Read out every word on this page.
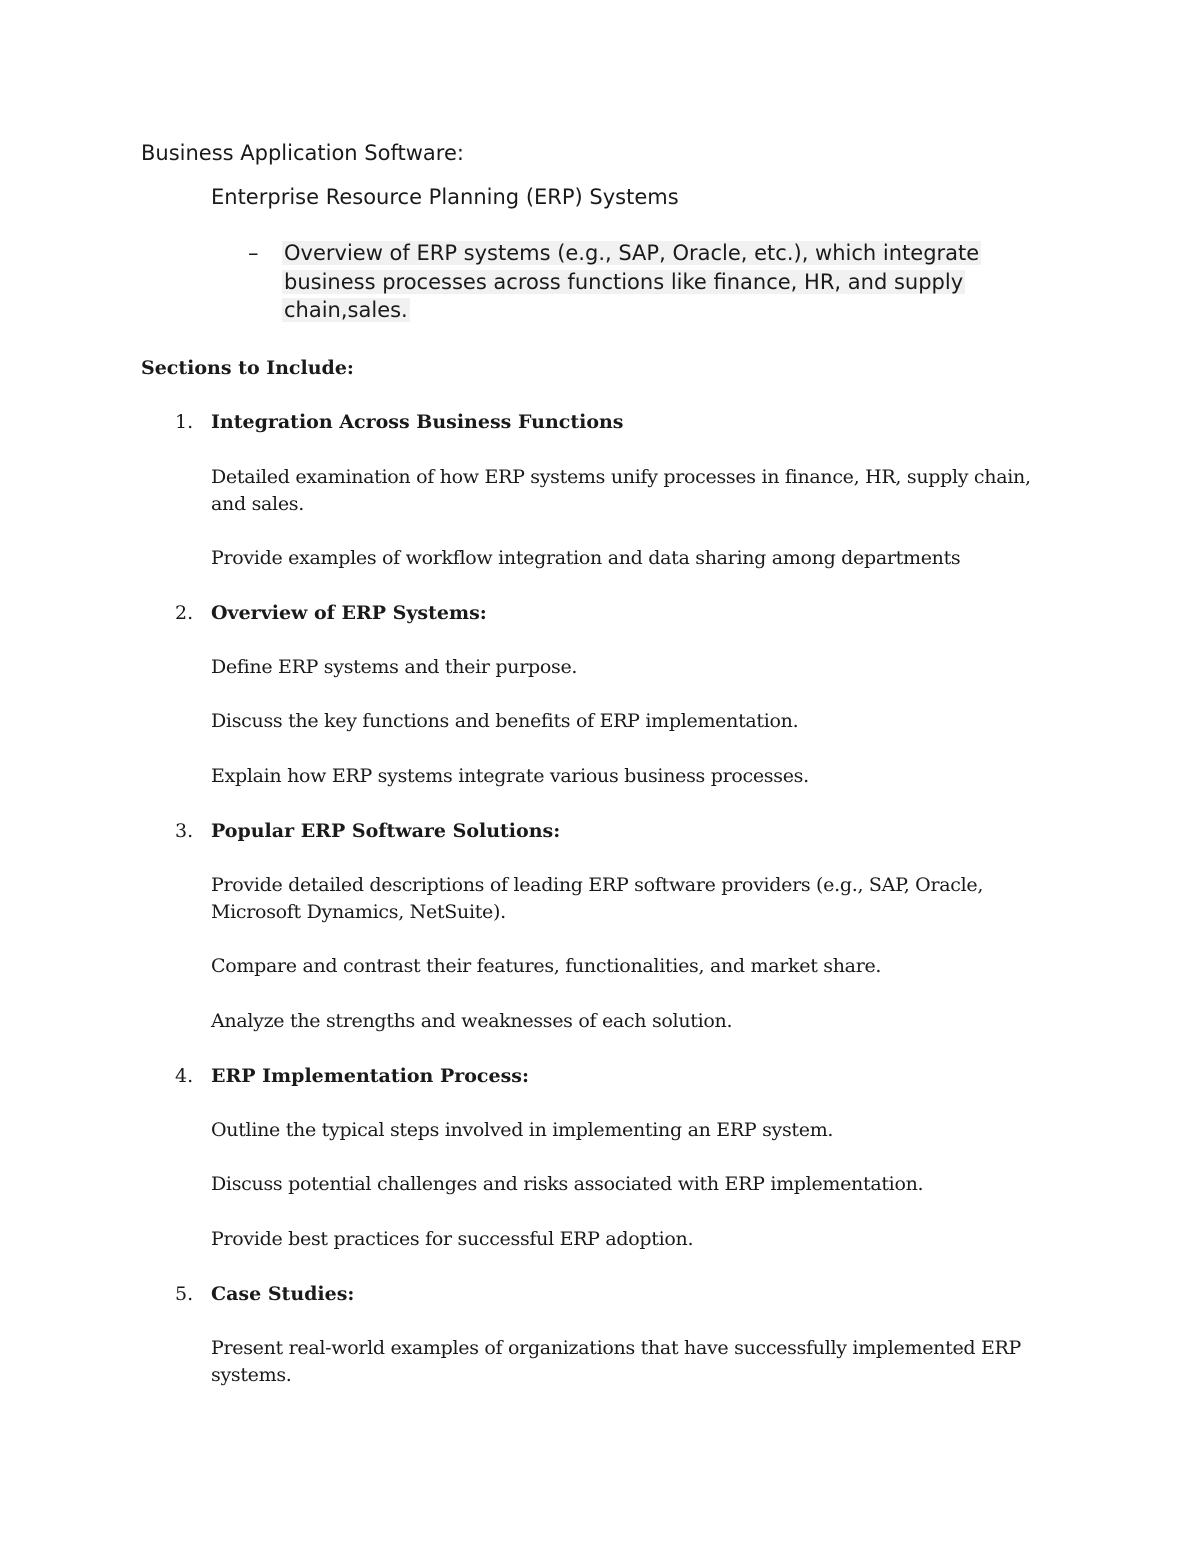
Business Application Software:
Enterprise Resource Planning (ERP) Systems
– Overview of ERP systems (e.g., SAP, Oracle, etc.), which integrate
business processes across functions like finance, HR, and supply
chain,sales.
Sections to Include:
1. Integration Across Business Functions
Detailed examination of how ERP systems unify processes in finance, HR, supply chain,
and sales.
Provide examples of workflow integration and data sharing among departments
2. Overview of ERP Systems:
Define ERP systems and their purpose.
Discuss the key functions and benefits of ERP implementation.
Explain how ERP systems integrate various business processes.
3. Popular ERP Software Solutions:
Provide detailed descriptions of leading ERP software providers (e.g., SAP, Oracle,
Microsoft Dynamics, NetSuite).
Compare and contrast their features, functionalities, and market share.
Analyze the strengths and weaknesses of each solution.
4. ERP Implementation Process:
Outline the typical steps involved in implementing an ERP system.
Discuss potential challenges and risks associated with ERP implementation.
Provide best practices for successful ERP adoption.
5. Case Studies:
Present real-world examples of organizations that have successfully implemented ERP
systems.
